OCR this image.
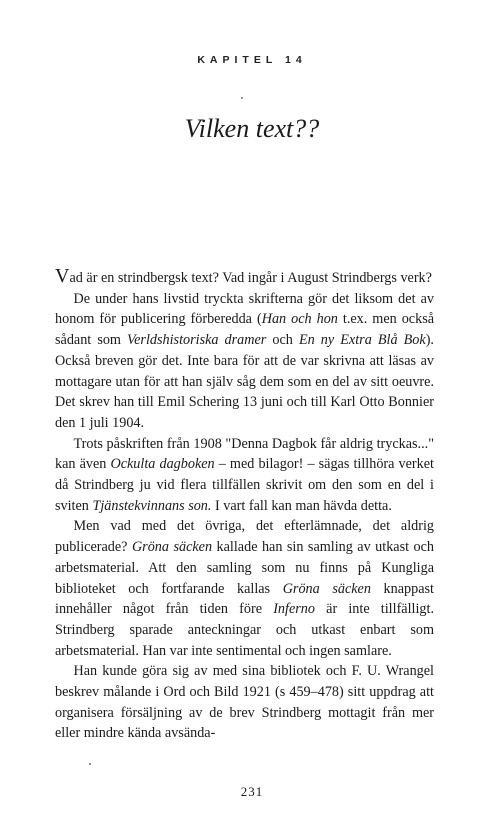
KAPITEL 14
Vilken text??

Vad är en strindbergsk text? Vad ingår i August Strindbergs verk?

De under hans livstid tryckta skrifterna gör det liksom det av honom för publicering förberedda (Han och hon t.ex. men också sådant som Verldshistoriska dramer och En ny Extra Blå Bok). Också breven gör det. Inte bara för att de var skrivna att läsas av mottagare utan för att han själv såg dem som en del av sitt oeuvre. Det skrev han till Emil Schering 13 juni och till Karl Otto Bonnier den 1 juli 1904.

Trots påskriften från 1908 "Denna Dagbok får aldrig tryckas..." kan även Ockulta dagboken – med bilagor! – sägas tillhöra verket då Strindberg ju vid flera tillfällen skrivit om den som en del i sviten Tjänstekvinnans son. I vart fall kan man hävda detta.

Men vad med det övriga, det efterlämnade, det aldrig publicerade? Gröna säcken kallade han sin samling av utkast och arbetsmaterial. Att den samling som nu finns på Kungliga biblioteket och fortfarande kallas Gröna säcken knappast innehåller något från tiden före Inferno är inte tillfälligt. Strindberg sparade anteckningar och utkast enbart som arbetsmaterial. Han var inte sentimental och ingen samlare.

Han kunde göra sig av med sina bibliotek och F. U. Wrangel beskrev målande i Ord och Bild 1921 (s 459–478) sitt uppdrag att organisera försäljning av de brev Strindberg mottagit från mer eller mindre kända avsända-

231
